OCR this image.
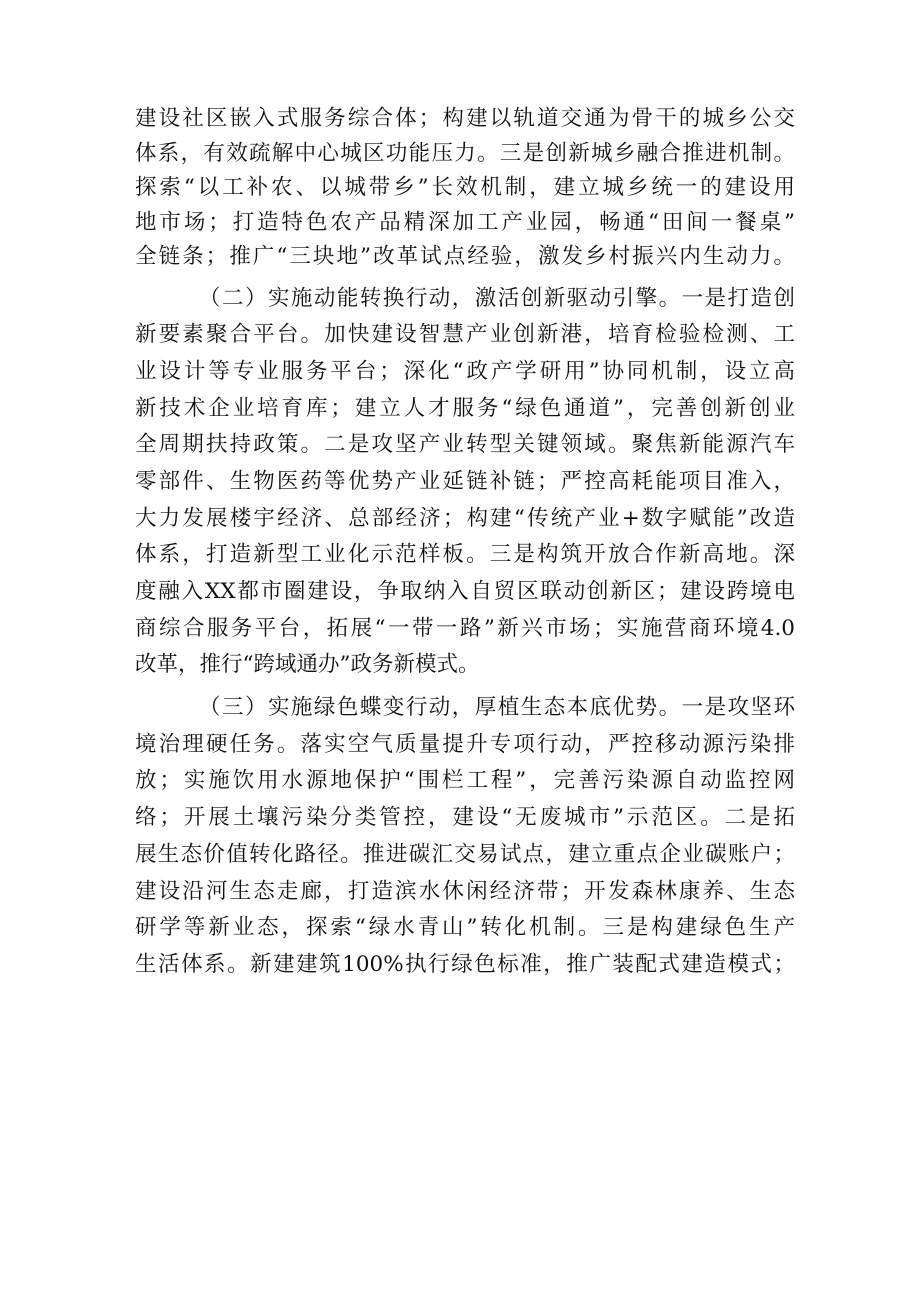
建设社区嵌入式服务综合体；构建以轨道交通为骨干的城乡公交
体系，有效疏解中心城区功能压力。三是创新城乡融合推进机制。
探索“以工补农、以城带乡”长效机制，建立城乡统一的建设用
地市场；打造特色农产品精深加工产业园，畅通“田间一餐桌”
全链条；推广“三块地”改革试点经验，激发乡村振兴内生动力。
（二）实施动能转换行动，激活创新驱动引擎。一是打造创
新要素聚合平台。加快建设智慧产业创新港，培育检验检测、工
业设计等专业服务平台；深化“政产学研用”协同机制，设立高
新技术企业培育库；建立人才服务“绿色通道”，完善创新创业
全周期扶持政策。二是攻坚产业转型关键领域。聚焦新能源汽车
零部件、生物医药等优势产业延链补链；严控高耗能项目准入，
大力发展楼宇经济、总部经济；构建“传统产业+数字赋能”改造
体系，打造新型工业化示范样板。三是构筑开放合作新高地。深
度融入XX都市圈建设，争取纳入自贸区联动创新区；建设跨境电
商综合服务平台，拓展“一带一路”新兴市场；实施营商环境4.0
改革，推行“跨域通办”政务新模式。
（三）实施绿色蝶变行动，厚植生态本底优势。一是攻坚环
境治理硬任务。落实空气质量提升专项行动，严控移动源污染排
放；实施饮用水源地保护“围栏工程”，完善污染源自动监控网
络；开展土壤污染分类管控，建设“无废城市”示范区。二是拓
展生态价值转化路径。推进碳汇交易试点，建立重点企业碳账户；
建设沿河生态走廊，打造滨水休闲经济带；开发森林康养、生态
研学等新业态，探索“绿水青山”转化机制。三是构建绿色生产
生活体系。新建建筑100%执行绿色标准，推广装配式建造模式；
